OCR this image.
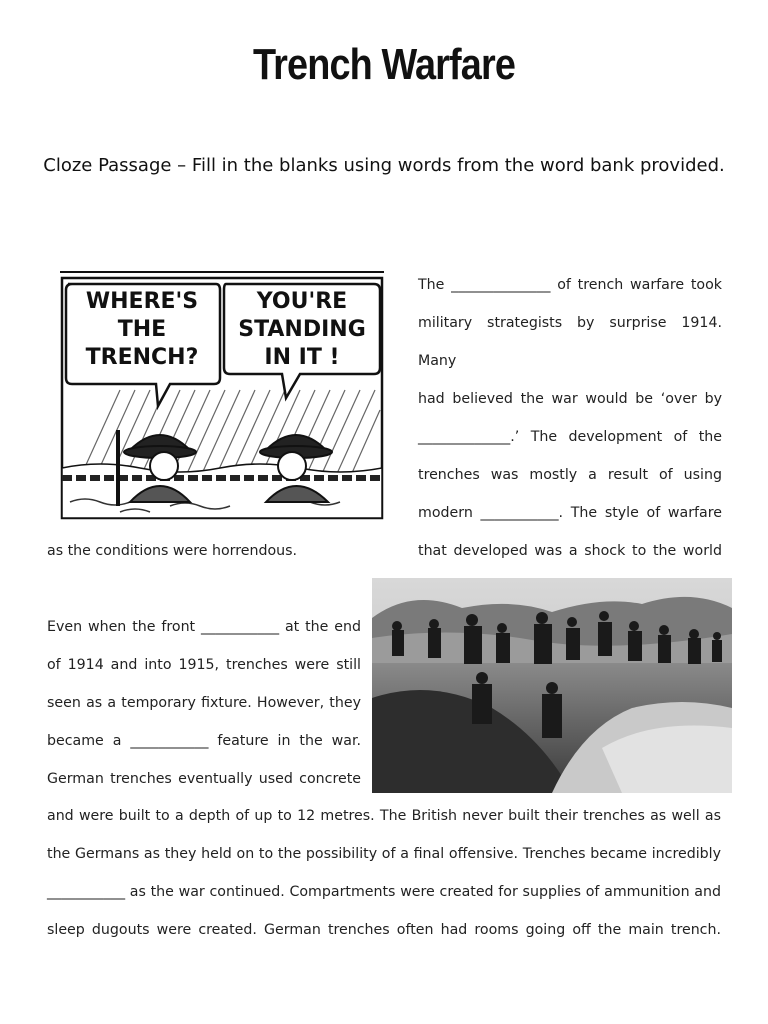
Trench Warfare
Cloze Passage – Fill in the blanks using words from the word bank provided.
WHERE'S
THE
TRENCH?
YOU'RE
STANDING
IN IT !
The ______________ of trench warfare took
military strategists by surprise 1914. Many
had believed the war would be ‘over by
_____________.’ The development of the
trenches was mostly a result of using
modern ___________. The style of warfare
that developed was a shock to the world
as the conditions were horrendous.
Even when the front ___________ at the end
of 1914 and into 1915, trenches were still
seen as a temporary fixture. However, they
became a ___________ feature in the war.
German trenches eventually used concrete
and were built to a depth of up to 12 metres. The British never built their trenches as well as
the Germans as they held on to the possibility of a final offensive. Trenches became incredibly
___________ as the war continued. Compartments were created for supplies of ammunition and
sleep dugouts were created. German trenches often had rooms going off the main trench.
